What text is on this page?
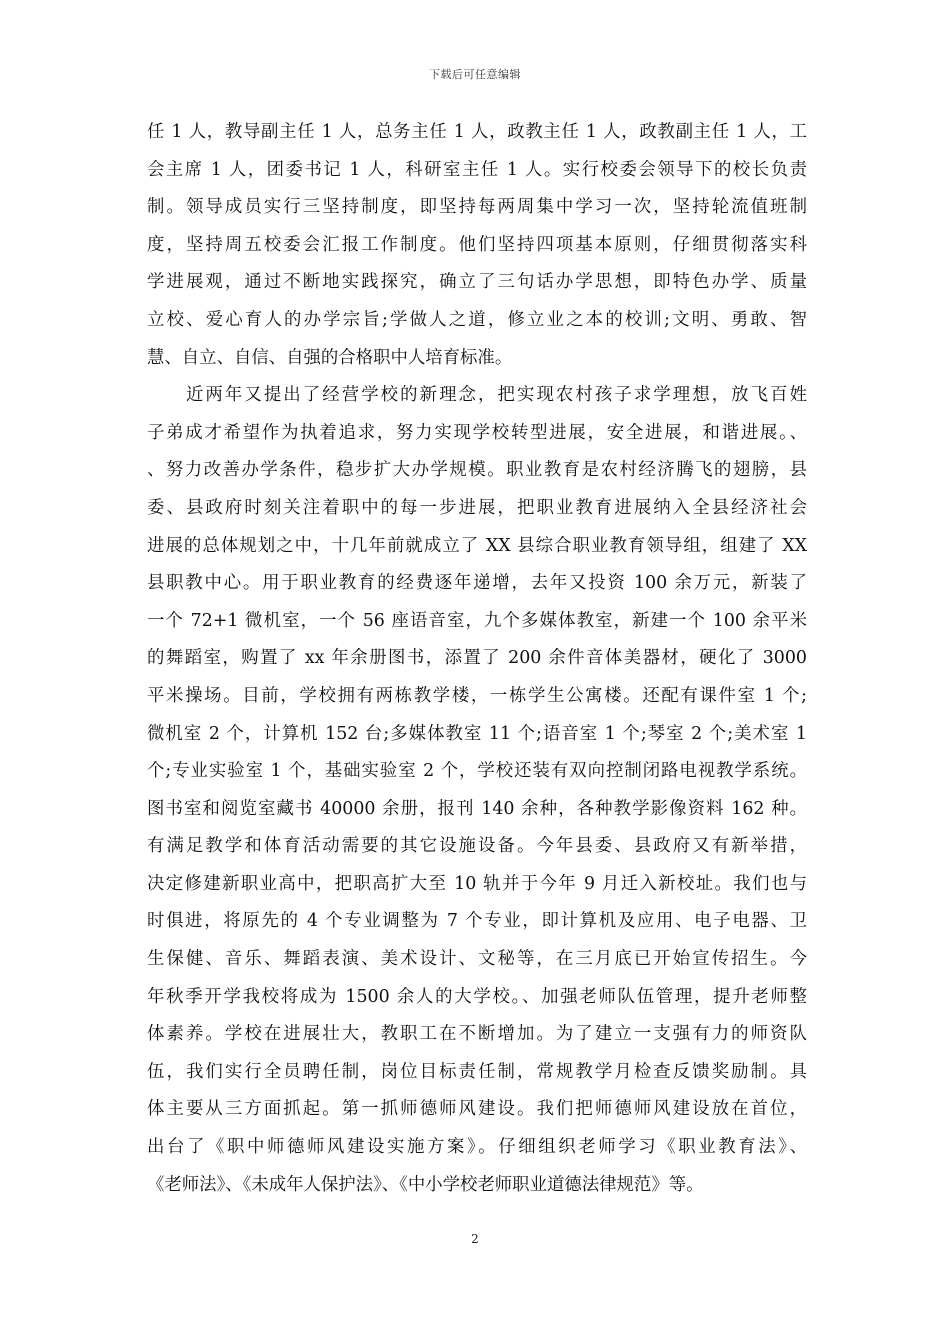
下载后可任意编辑
任 1 人，教导副主任 1 人，总务主任 1 人，政教主任 1 人，政教副主任 1 人，工
会主席 1 人，团委书记 1 人，科研室主任 1 人。实行校委会领导下的校长负责
制。领导成员实行三坚持制度，即坚持每两周集中学习一次，坚持轮流值班制
度，坚持周五校委会汇报工作制度。他们坚持四项基本原则，仔细贯彻落实科
学进展观，通过不断地实践探究，确立了三句话办学思想，即特色办学、质量
立校、爱心育人的办学宗旨;学做人之道，修立业之本的校训;文明、勇敢、智
慧、自立、自信、自强的合格职中人培育标准。
　　近两年又提出了经营学校的新理念，把实现农村孩子求学理想，放飞百姓
子弟成才希望作为执着追求，努力实现学校转型进展，安全进展，和谐进展。、
、努力改善办学条件，稳步扩大办学规模。职业教育是农村经济腾飞的翅膀，县
委、县政府时刻关注着职中的每一步进展，把职业教育进展纳入全县经济社会
进展的总体规划之中，十几年前就成立了 XX 县综合职业教育领导组，组建了 XX
县职教中心。用于职业教育的经费逐年递增，去年又投资 100 余万元，新装了
一个 72+1 微机室，一个 56 座语音室，九个多媒体教室，新建一个 100 余平米
的舞蹈室，购置了 xx 年余册图书，添置了 200 余件音体美器材，硬化了 3000
平米操场。目前，学校拥有两栋教学楼，一栋学生公寓楼。还配有课件室 1 个;
微机室 2 个，计算机 152 台;多媒体教室 11 个;语音室 1 个;琴室 2 个;美术室 1
个;专业实验室 1 个，基础实验室 2 个，学校还装有双向控制闭路电视教学系统。
图书室和阅览室藏书 40000 余册，报刊 140 余种，各种教学影像资料 162 种。
有满足教学和体育活动需要的其它设施设备。今年县委、县政府又有新举措，
决定修建新职业高中，把职高扩大至 10 轨并于今年 9 月迁入新校址。我们也与
时俱进，将原先的 4 个专业调整为 7 个专业，即计算机及应用、电子电器、卫
生保健、音乐、舞蹈表演、美术设计、文秘等，在三月底已开始宣传招生。今
年秋季开学我校将成为 1500 余人的大学校。、加强老师队伍管理，提升老师整
体素养。学校在进展壮大，教职工在不断增加。为了建立一支强有力的师资队
伍，我们实行全员聘任制，岗位目标责任制，常规教学月检查反馈奖励制。具
体主要从三方面抓起。第一抓师德师风建设。我们把师德师风建设放在首位，
出台了《职中师德师风建设实施方案》。仔细组织老师学习《职业教育法》、
《老师法》、《未成年人保护法》、《中小学校老师职业道德法律规范》等。
2
